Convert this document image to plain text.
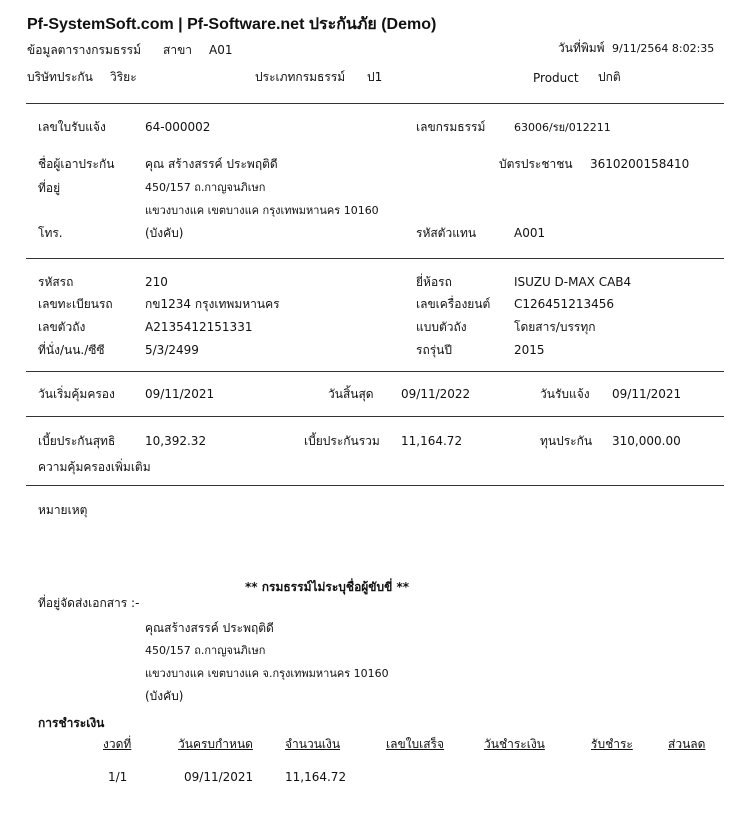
Pf-SystemSoft.com | Pf-Software.net ประกันภัย (Demo)
ข้อมูลตารางกรมธรรม์ สาขา A01	วันที่พิมพ์ 9/11/2564 8:02:35
บริษัทประกัน วิริยะ	ประเภทกรมธรรม์ ป1	Product ปกติ
เลขใบรับแจ้ง	64-000002	เลขกรมธรรม์	63006/รย/012211
ชื่อผู้เอาประกัน	คุณ สร้างสรรค์ ประพฤติดี	บัตรประชาชน 3610200158410
ที่อยู่	450/157 ถ.กาญจนภิเษก
แขวงบางแค เขตบางแค กรุงเทพมหานคร 10160
โทร.	(บังคับ)	รหัสตัวแทน	A001
รหัสรถ	210	ยี่ห้อรถ	ISUZU D-MAX CAB4
เลขทะเบียนรถ	กข1234 กรุงเทพมหานคร	เลขเครื่องยนต์ C126451213456
เลขตัวถัง	A2135412151331	แบบตัวถัง	โดยสาร/บรรทุก
ที่นั่ง/นน./ซีซี	5/3/2499	รถรุ่นปี	2015
วันเริ่มคุ้มครอง	09/11/2021	วันสิ้นสุด 09/11/2022	วันรับแจ้ง 09/11/2021
เบี้ยประกันสุทธิ 10,392.32	เบี้ยประกันรวม 11,164.72	ทุนประกัน 310,000.00
ความคุ้มครองเพิ่มเติม
หมายเหตุ
** กรมธรรม์ไม่ระบุชื่อผู้ขับขี่ **
ที่อยู่จัดส่งเอกสาร :-
คุณสร้างสรรค์ ประพฤติดี
450/157 ถ.กาญจนภิเษก
แขวงบางแค เขตบางแค จ.กรุงเทพมหานคร 10160
(บังคับ)
การชำระเงิน
งวดที่	วันครบกำหนด	จำนวนเงิน	เลขใบเสร็จ	วันชำระเงิน	รับชำระ	ส่วนลด
1/1	09/11/2021	11,164.72
